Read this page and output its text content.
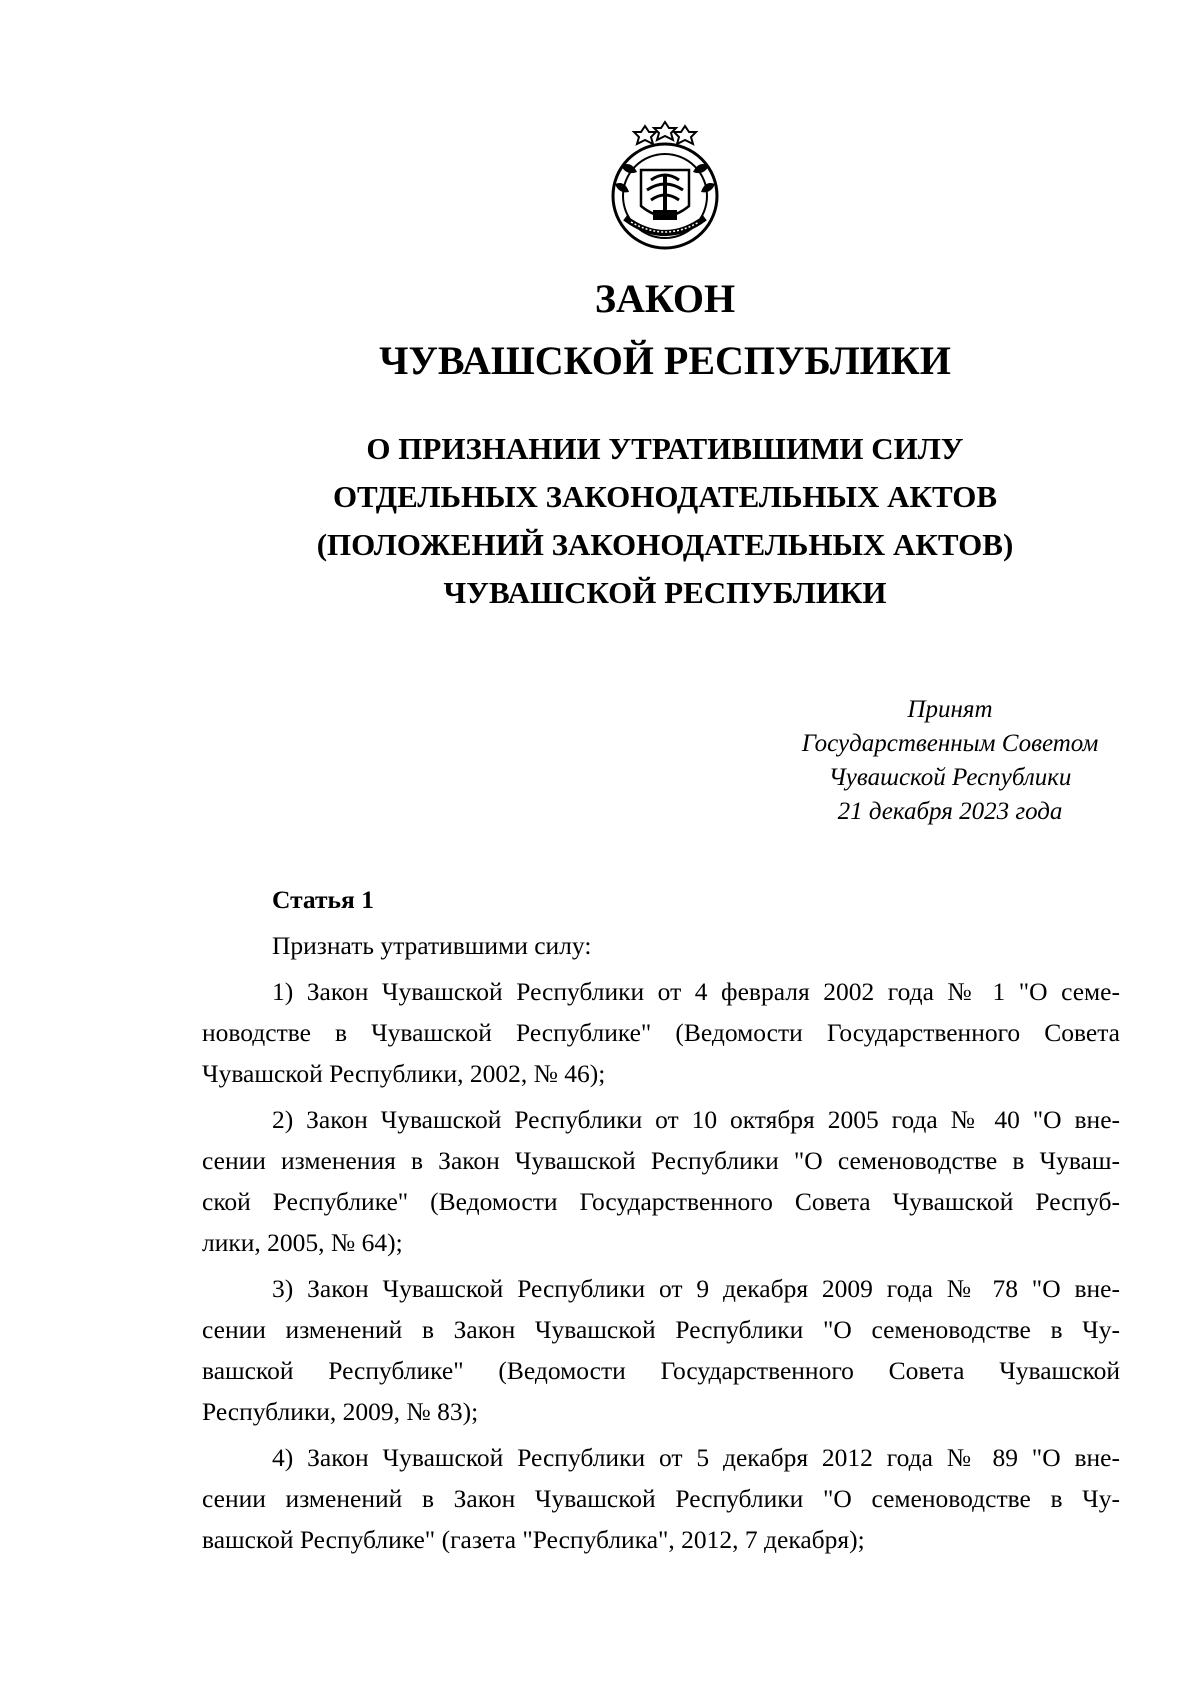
ЗАКОН
ЧУВАШСКОЙ РЕСПУБЛИКИ
О ПРИЗНАНИИ УТРАТИВШИМИ СИЛУ
ОТДЕЛЬНЫХ ЗАКОНОДАТЕЛЬНЫХ АКТОВ
(ПОЛОЖЕНИЙ ЗАКОНОДАТЕЛЬНЫХ АКТОВ)
ЧУВАШСКОЙ РЕСПУБЛИКИ
Принят
Государственным Советом
Чувашской Республики
21 декабря 2023 года
Статья 1
Признать утратившими силу:
1) Закон Чувашской Республики от 4 февраля 2002 года № 1 "О семе-
новодстве в Чувашской Республике" (Ведомости Государственного Совета
Чувашской Республики, 2002, № 46);
2) Закон Чувашской Республики от 10 октября 2005 года № 40 "О вне-
сении изменения в Закон Чувашской Республики "О семеноводстве в Чуваш-
ской Республике" (Ведомости Государственного Совета Чувашской Респуб-
лики, 2005, № 64);
3) Закон Чувашской Республики от 9 декабря 2009 года № 78 "О вне-
сении изменений в Закон Чувашской Республики "О семеноводстве в Чу-
вашской Республике" (Ведомости Государственного Совета Чувашской
Республики, 2009, № 83);
4) Закон Чувашской Республики от 5 декабря 2012 года № 89 "О вне-
сении изменений в Закон Чувашской Республики "О семеноводстве в Чу-
вашской Республике" (газета "Республика", 2012, 7 декабря);
